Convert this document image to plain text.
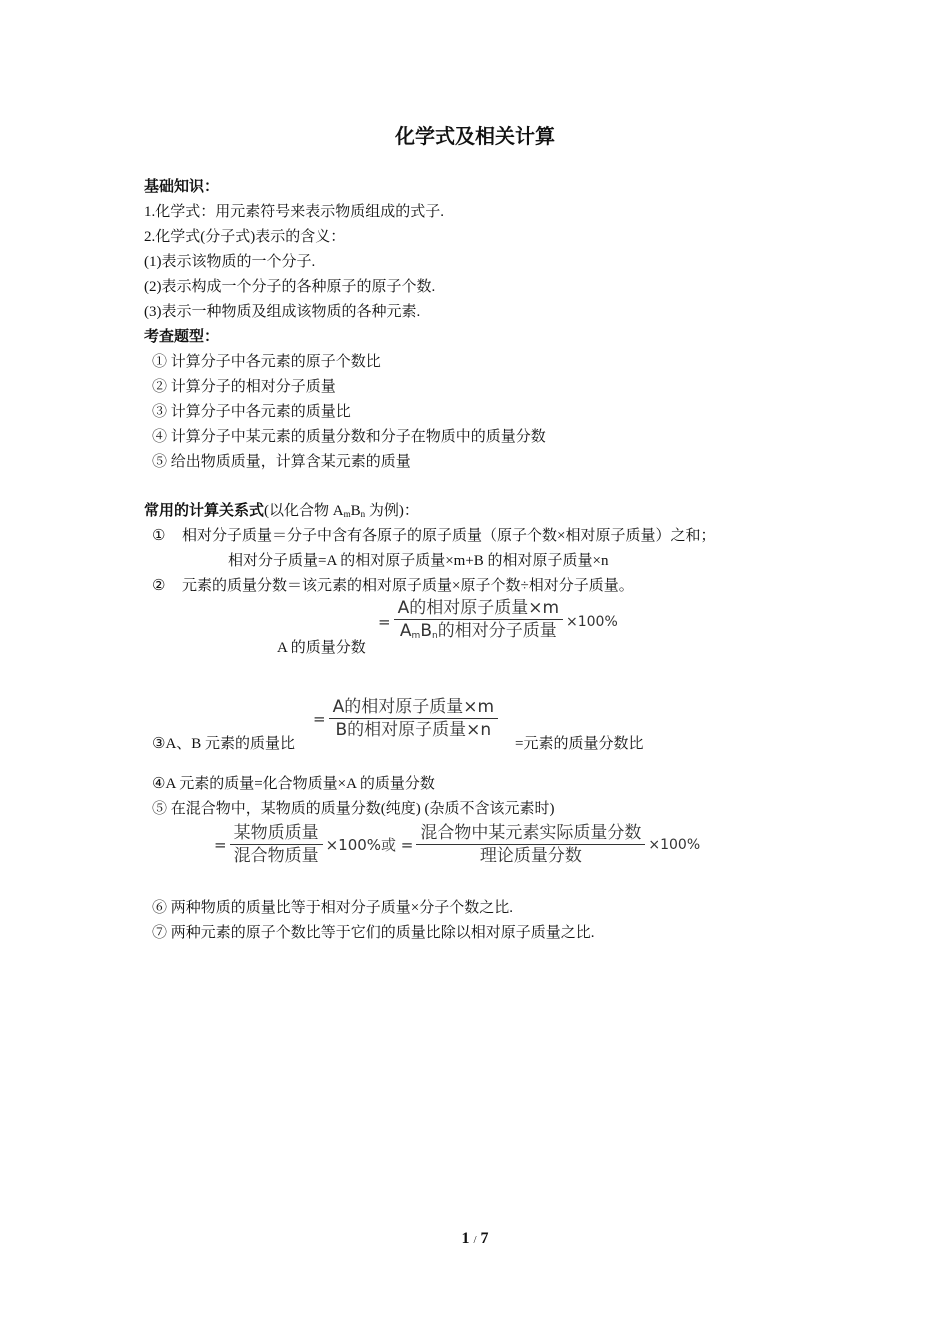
化学式及相关计算
基础知识：
1.化学式：用元素符号来表示物质组成的式子.
2.化学式(分子式)表示的含义：
(1)表示该物质的一个分子.
(2)表示构成一个分子的各种原子的原子个数.
(3)表示一种物质及组成该物质的各种元素.
考查题型：
① 计算分子中各元素的原子个数比
② 计算分子的相对分子质量
③ 计算分子中各元素的质量比
④ 计算分子中某元素的质量分数和分子在物质中的质量分数
⑤ 给出物质质量，计算含某元素的质量
常用的计算关系式(以化合物 $A_mB_n$ 为例)：
① 相对分子质量＝分子中含有各原子的原子质量（原子个数×相对原子质量）之和；
相对分子质量=A 的相对原子质量×m+B 的相对原子质量×n
② 元素的质量分数＝该元素的相对原子质量×原子个数÷相对分子质量。
A 的质量分数
= $\frac{\text{A的相对原子质量×m}}{A_mB_n的相对分子质量} \times 100\%$
③A、B 元素的质量比
= $\frac{\text{A的相对原子质量×m}}{\text{B的相对原子质量×n}}$
=元素的质量分数比
④A 元素的质量=化合物质量×A 的质量分数
⑤ 在混合物中，某物质的质量分数(纯度) (杂质不含该元素时)
= $\frac{\text{某物质质量}}{\text{混合物质量}} \times 100\%$或 = $\frac{\text{混合物中某元素实际质量分数}}{\text{理论质量分数}} \times 100\%$
⑥ 两种物质的质量比等于相对分子质量×分子个数之比.
⑦ 两种元素的原子个数比等于它们的质量比除以相对原子质量之比.
1 / 7
